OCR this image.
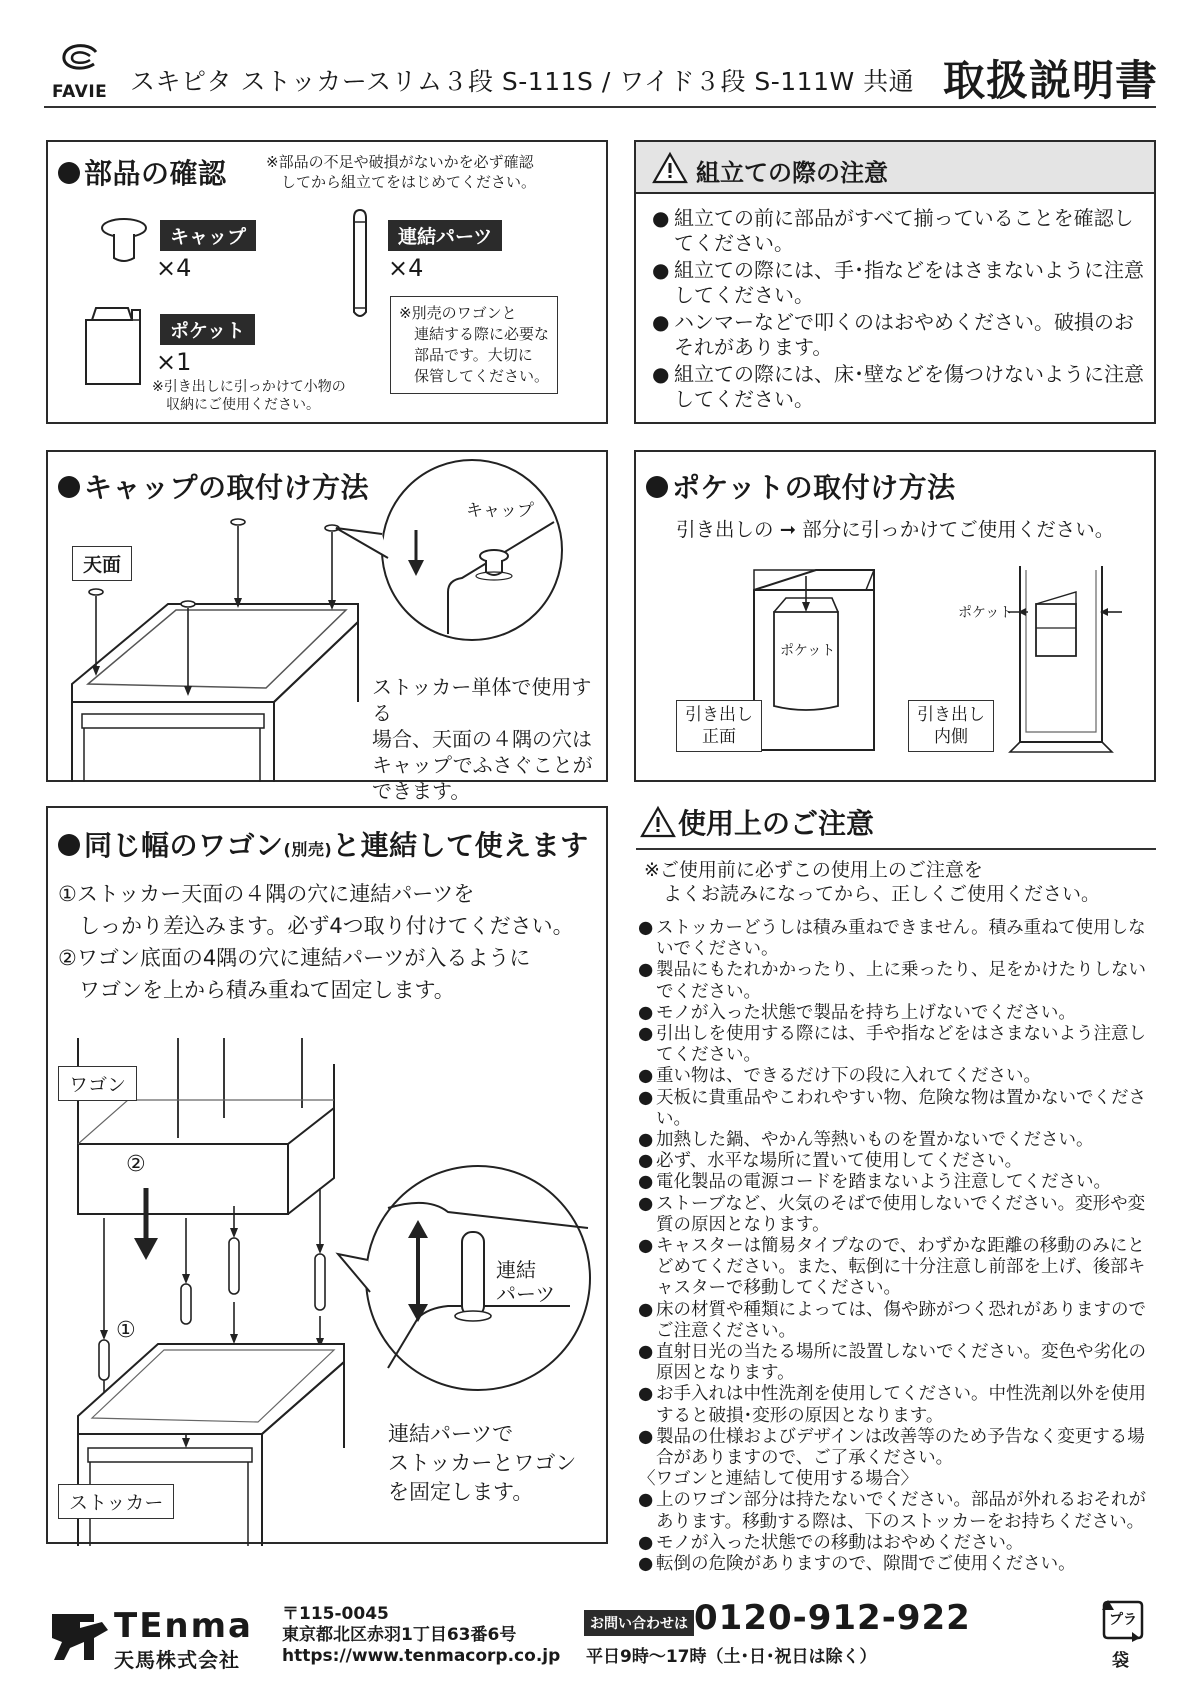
FAVIE スキピタ ストッカースリム３段 S-111S / ワイド３段 S-111W 共通 取扱説明書
部品の確認	※部品の不足や破損がないかを必ず確認
　してから組立てをはじめてください。
キャップ
×4
連結パーツ
×4
※別売のワゴンと
　連結する際に必要な
　部品です。大切に
　保管してください。
ポケット
×1
※引き出しに引っかけて小物の
　収納にご使用ください。
組立ての際の注意
● 組立ての前に部品がすべて揃っていることを確認してください。
● 組立ての際には、手･指などをはさまないように注意してください。
● ハンマーなどで叩くのはおやめください。破損のおそれがあります。
● 組立ての際には、床･壁などを傷つけないように注意してください。
キャップの取付け方法
天面
キャップ
ストッカー単体で使用する
場合、天面の４隅の穴は
キャップでふさぐことが
できます。
ポケットの取付け方法
引き出しの ➞ 部分に引っかけてご使用ください。
ポケット
ポケット
引き出し
正面
引き出し
内側
同じ幅のワゴン(別売)と連結して使えます
①ストッカー天面の４隅の穴に連結パーツを
　しっかり差込みます。必ず4つ取り付けてください。
②ワゴン底面の4隅の穴に連結パーツが入るように
　ワゴンを上から積み重ねて固定します。
ワゴン
②
①
ストッカー
連結
パーツ
連結パーツで
ストッカーとワゴン
を固定します。
使用上のご注意
※ご使用前に必ずこの使用上のご注意を
　よくお読みになってから、正しくご使用ください。
● ストッカーどうしは積み重ねできません。積み重ねて使用しないでください。
● 製品にもたれかかったり、上に乗ったり、足をかけたりしないでください。
● モノが入った状態で製品を持ち上げないでください。
● 引出しを使用する際には、手や指などをはさまないよう注意してください。
● 重い物は、できるだけ下の段に入れてください。
● 天板に貴重品やこわれやすい物、危険な物は置かないでください。
● 加熱した鍋、やかん等熱いものを置かないでください。
● 必ず、水平な場所に置いて使用してください。
● 電化製品の電源コードを踏まないよう注意してください。
● ストーブなど、火気のそばで使用しないでください。変形や変質の原因となります。
● キャスターは簡易タイプなので、わずかな距離の移動のみにとどめてください。また、転倒に十分注意し前部を上げ、後部キャスターで移動してください。
● 床の材質や種類によっては、傷や跡がつく恐れがありますのでご注意ください。
● 直射日光の当たる場所に設置しないでください。変色や劣化の原因となります。
● お手入れは中性洗剤を使用してください。中性洗剤以外を使用すると破損･変形の原因となります。
● 製品の仕様およびデザインは改善等のため予告なく変更する場合がありますので、ご了承ください。
〈ワゴンと連結して使用する場合〉
● 上のワゴン部分は持たないでください。部品が外れるおそれがあります。移動する際は、下のストッカーをお持ちください。
● モノが入った状態での移動はおやめください。
● 転倒の危険がありますので、隙間でご使用ください。
TEnma
天馬株式会社
〒115-0045
東京都北区赤羽1丁目63番6号
https://www.tenmacorp.co.jp
お問い合わせは 0120-912-922
平日9時～17時（土･日･祝日は除く）
プラ
袋
